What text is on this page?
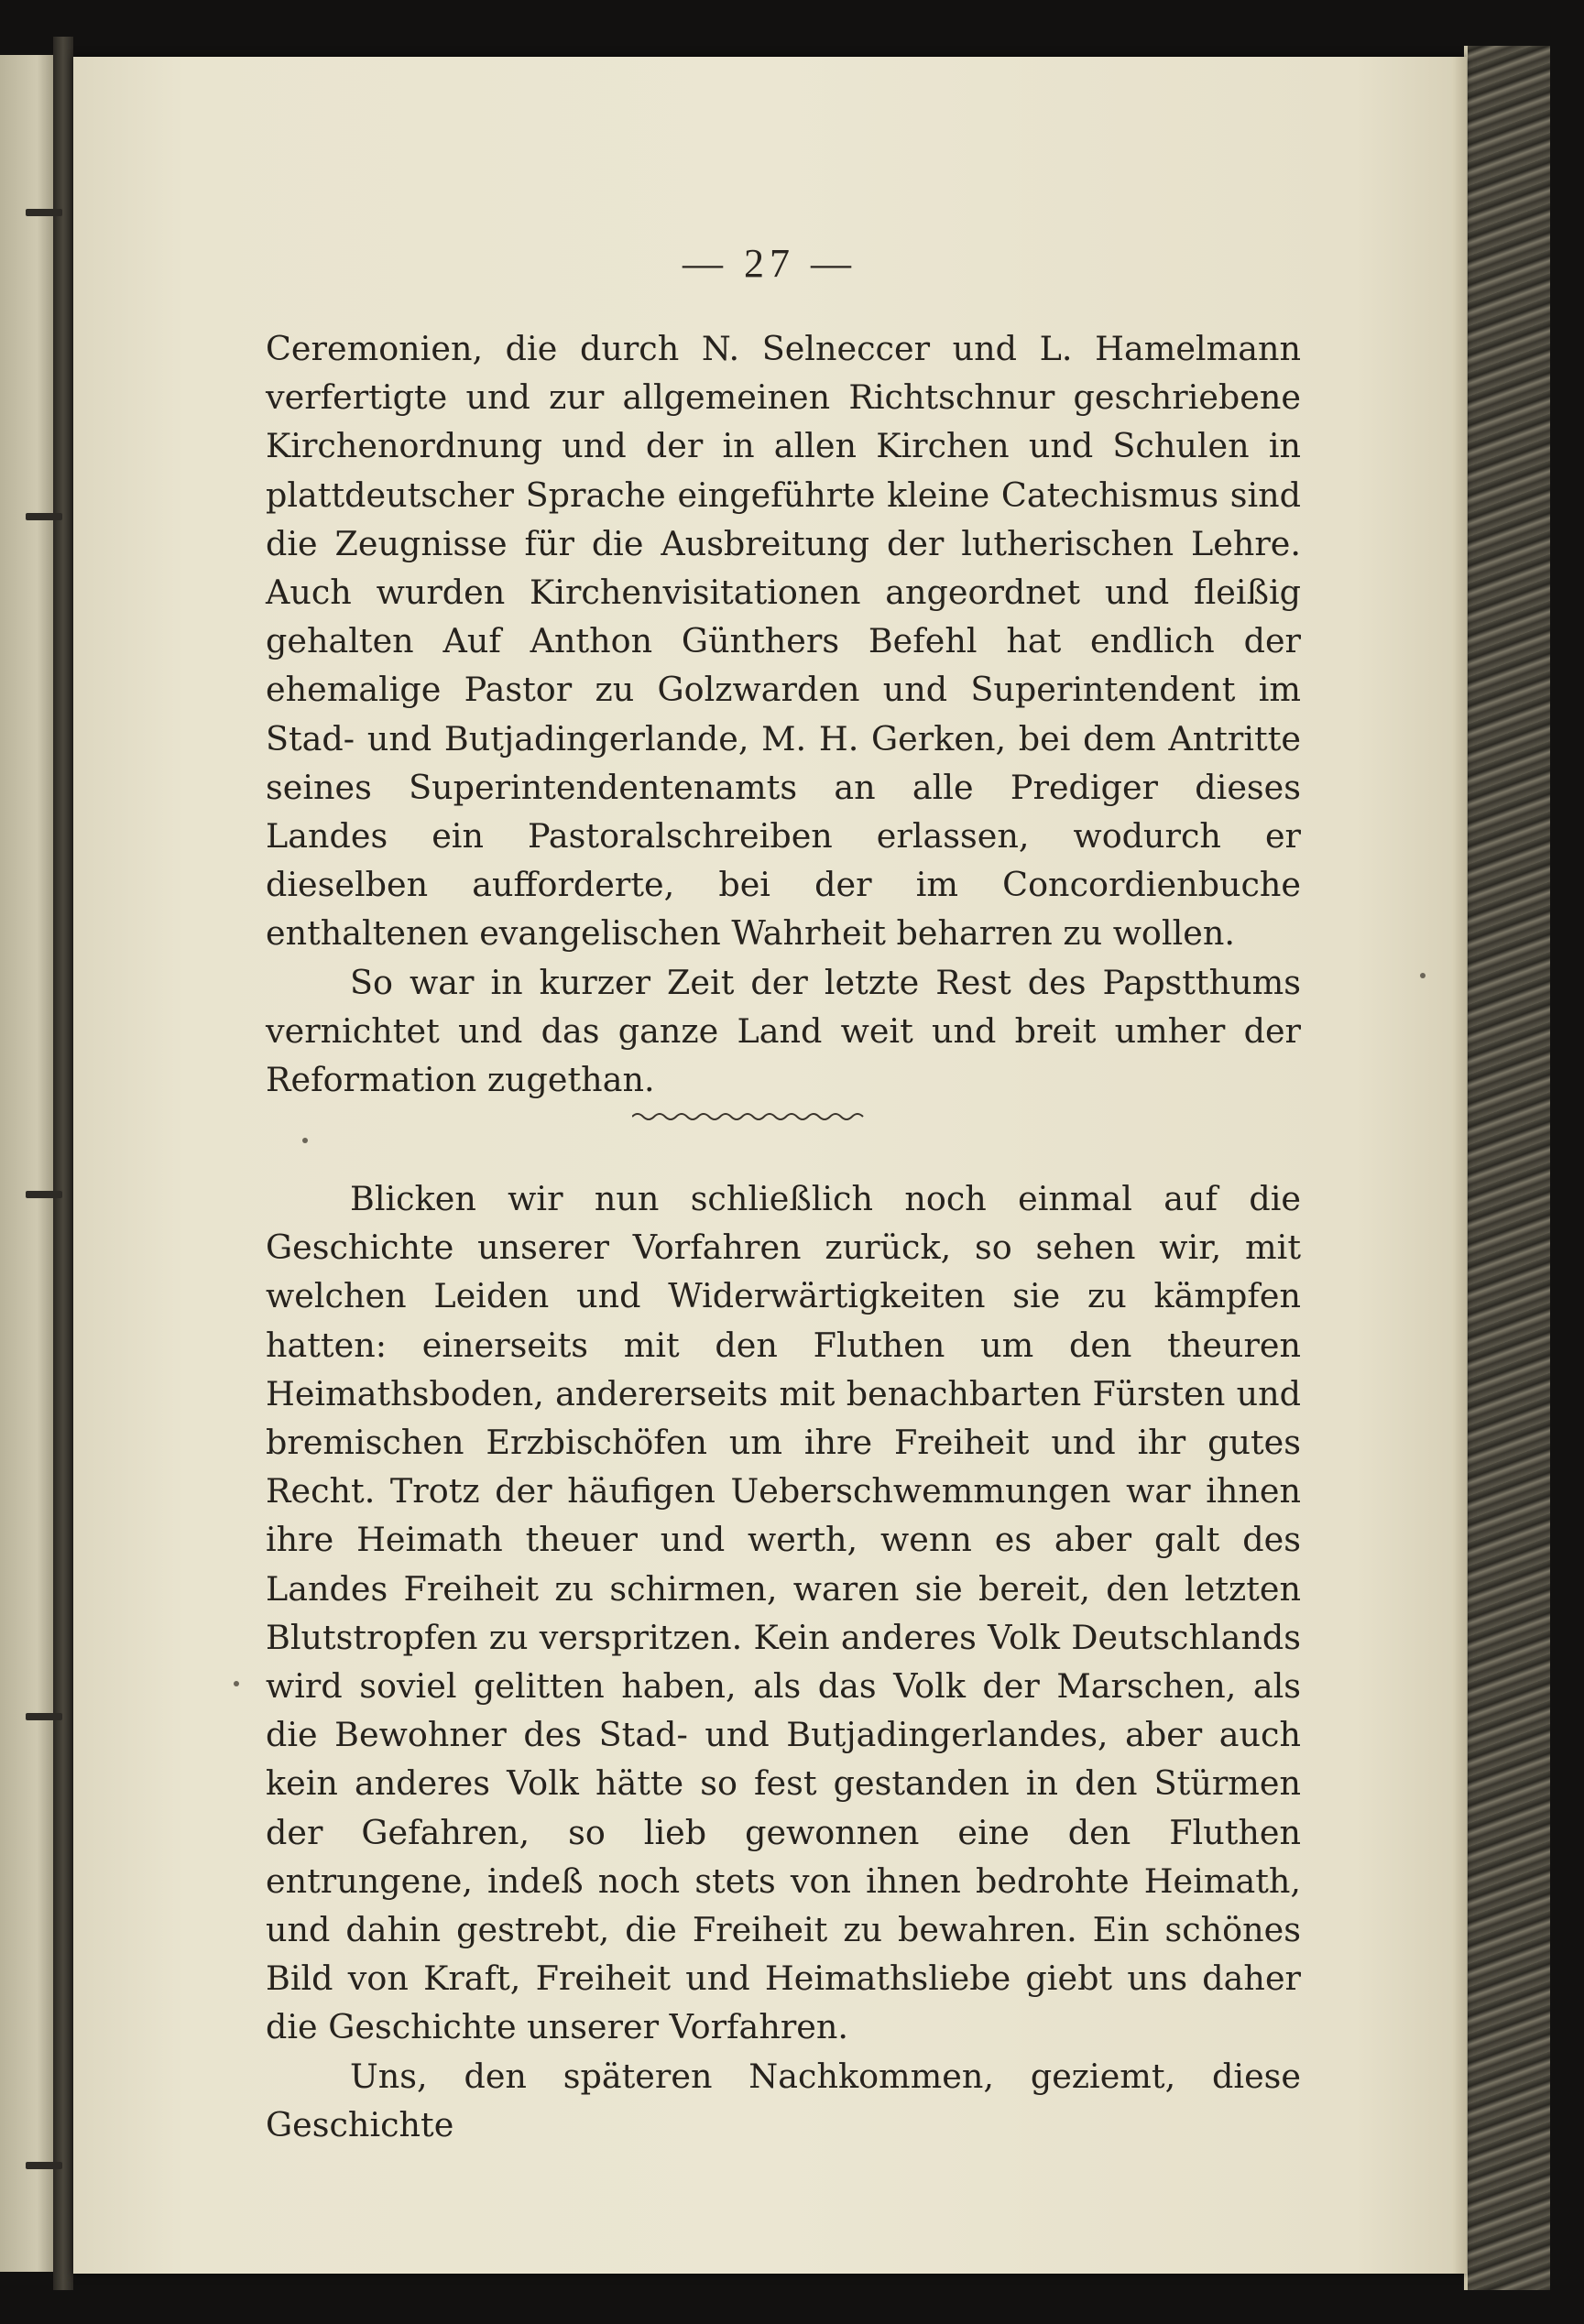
— 27 —

Ceremonien, die durch N. Selneccer und L. Hamelmann verfertigte und zur allgemeinen Richtschnur geschriebene Kirchenordnung und der in allen Kirchen und Schulen in plattdeutscher Sprache eingeführte kleine Catechismus sind die Zeugnisse für die Ausbreitung der lutherischen Lehre. Auch wurden Kirchenvisitationen angeordnet und fleißig gehalten Auf Anthon Günthers Befehl hat endlich der ehemalige Pastor zu Golzwarden und Superintendent im Stad- und Butjadingerlande, M. H. Gerken, bei dem Antritte seines Superintendentenamts an alle Prediger dieses Landes ein Pastoralschreiben erlassen, wodurch er dieselben aufforderte, bei der im Concordienbuche enthaltenen evangelischen Wahrheit beharren zu wollen.

So war in kurzer Zeit der letzte Rest des Papstthums vernichtet und das ganze Land weit und breit umher der Reformation zugethan.

Blicken wir nun schließlich noch einmal auf die Geschichte unserer Vorfahren zurück, so sehen wir, mit welchen Leiden und Widerwärtigkeiten sie zu kämpfen hatten: einerseits mit den Fluthen um den theuren Heimathsboden, andererseits mit benachbarten Fürsten und bremischen Erzbischöfen um ihre Freiheit und ihr gutes Recht. Trotz der häufigen Ueberschwemmungen war ihnen ihre Heimath theuer und werth, wenn es aber galt des Landes Freiheit zu schirmen, waren sie bereit, den letzten Blutstropfen zu verspritzen. Kein anderes Volk Deutschlands wird soviel gelitten haben, als das Volk der Marschen, als die Bewohner des Stad- und Butjadingerlandes, aber auch kein anderes Volk hätte so fest gestanden in den Stürmen der Gefahren, so lieb gewonnen eine den Fluthen entrungene, indeß noch stets von ihnen bedrohte Heimath, und dahin gestrebt, die Freiheit zu bewahren. Ein schönes Bild von Kraft, Freiheit und Heimathsliebe giebt uns daher die Geschichte unserer Vorfahren.

Uns, den späteren Nachkommen, geziemt, diese Geschichte
